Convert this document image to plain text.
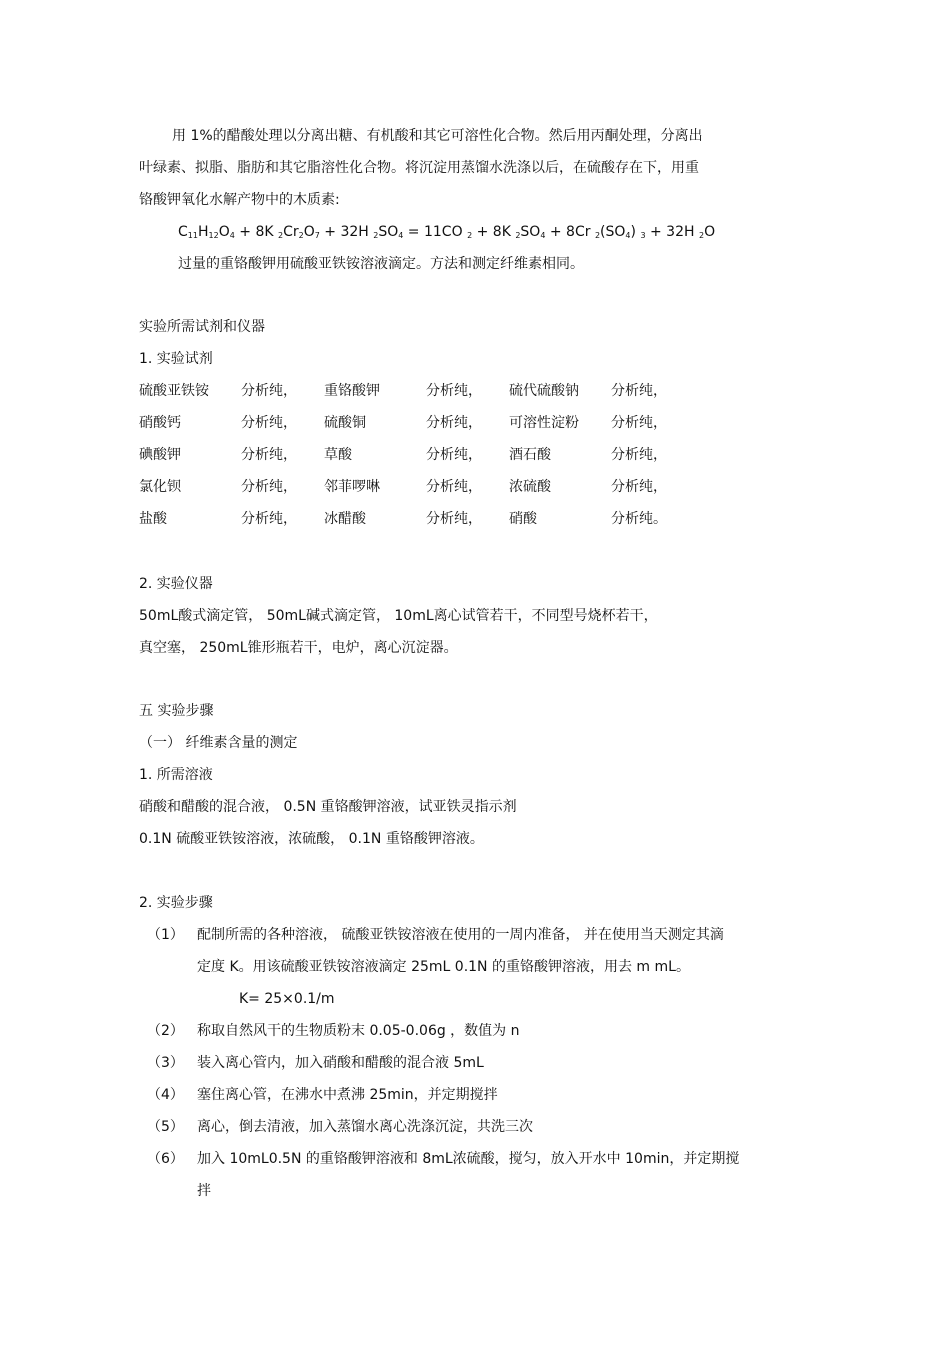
用 1%的醋酸处理以分离出糖、有机酸和其它可溶性化合物。然后用丙酮处理，分离出
叶绿素、拟脂、脂肪和其它脂溶性化合物。将沉淀用蒸馏水洗涤以后，在硫酸存在下，用重
铬酸钾氧化水解产物中的木质素:
$C_{11}H_{12}O_4 + 8K$ $_2Cr_2O_7 + 32H$ $_2SO_4 = 11CO$ $_2$ + 8K $_2SO_4 + 8Cr$ $_2(SO_4) _3 + 32H$ $_2$O
过量的重铬酸钾用硫酸亚铁铵溶液滴定。方法和测定纤维素相同。
实验所需试剂和仪器
1. 实验试剂
硫酸亚铁铵 分析纯， 重铬酸钾	分析纯， 硫代硫酸钠 分析纯，
硝酸钙	分析纯， 硫酸铜	分析纯， 可溶性淀粉 分析纯，
碘酸钾	分析纯， 草酸	分析纯， 酒石酸	分析纯，
氯化钡	分析纯， 邻菲啰啉	分析纯， 浓硫酸	分析纯，
盐酸	分析纯， 冰醋酸	分析纯， 硝酸	分析纯。
2. 实验仪器
50mL酸式滴定管， 50mL碱式滴定管， 10mL离心试管若干，不同型号烧杯若干，
真空塞， 250mL锥形瓶若干，电炉，离心沉淀器。
五 实验步骤
（一） 纤维素含量的测定
1. 所需溶液
硝酸和醋酸的混合液， 0.5N 重铬酸钾溶液，试亚铁灵指示剂
0.1N 硫酸亚铁铵溶液，浓硫酸， 0.1N 重铬酸钾溶液。
2. 实验步骤
（1） 配制所需的各种溶液， 硫酸亚铁铵溶液在使用的一周内准备， 并在使用当天测定其滴
定度 K。用该硫酸亚铁铵溶液滴定 25mL 0.1N 的重铬酸钾溶液，用去 m mL。
K= 25×0.1/m
（2） 称取自然风干的生物质粉末 0.05-0.06g ，数值为 n
（3） 装入离心管内，加入硝酸和醋酸的混合液 5mL
（4） 塞住离心管，在沸水中煮沸 25min，并定期搅拌
（5） 离心，倒去清液，加入蒸馏水离心洗涤沉淀，共洗三次
（6） 加入 10mL0.5N 的重铬酸钾溶液和 8mL浓硫酸，搅匀，放入开水中 10min，并定期搅
拌
